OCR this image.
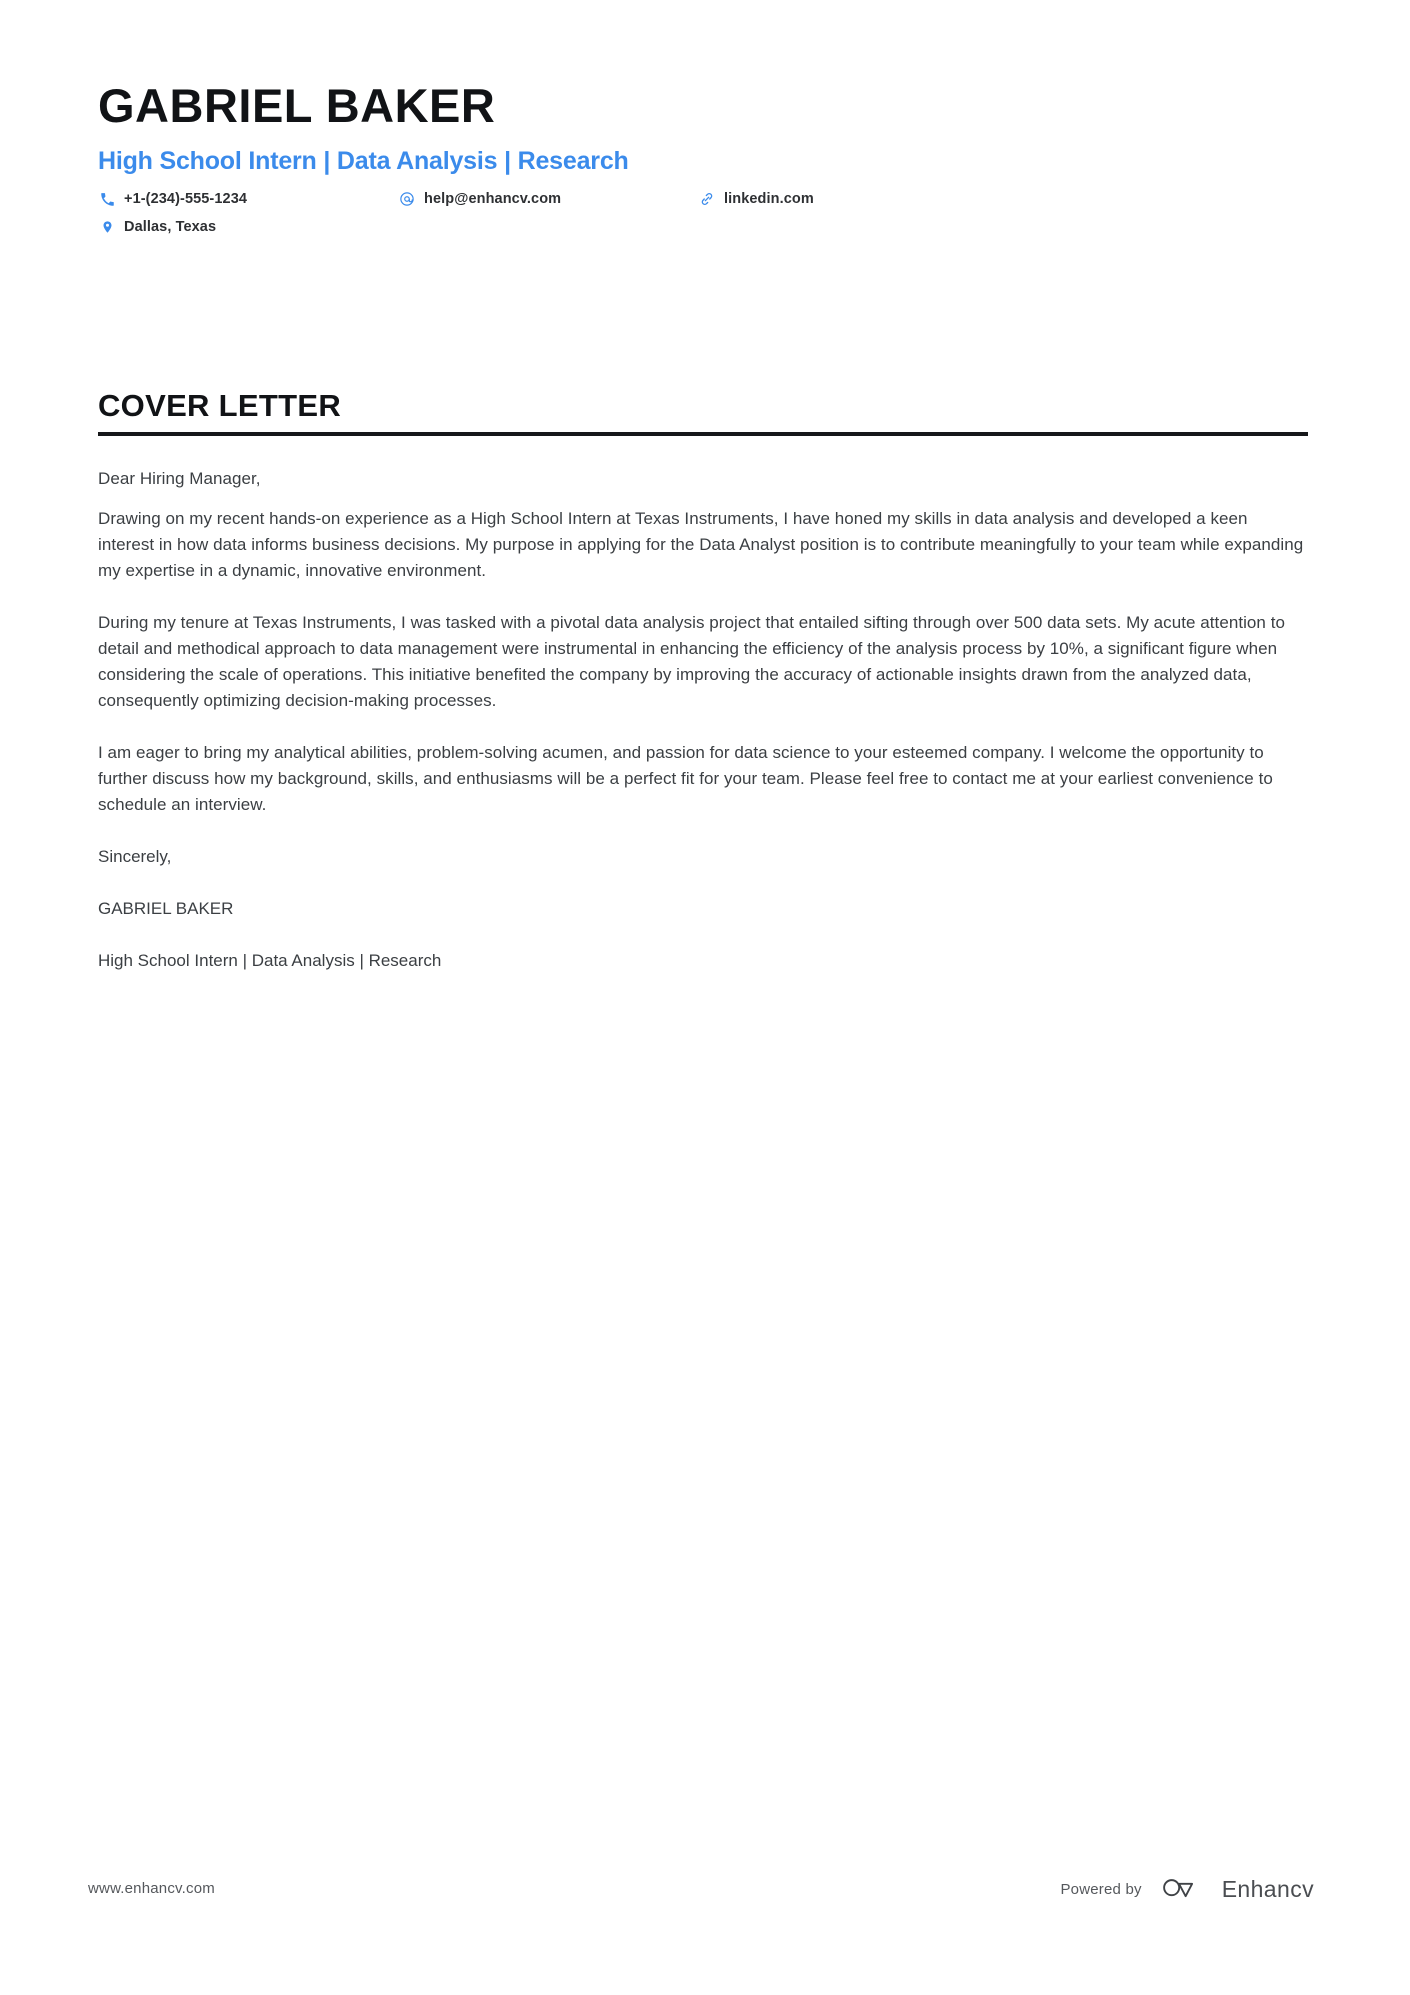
GABRIEL BAKER
High School Intern | Data Analysis | Research
+1-(234)-555-1234	help@enhancv.com	linkedin.com
Dallas, Texas
COVER LETTER

Dear Hiring Manager,

Drawing on my recent hands-on experience as a High School Intern at Texas Instruments, I have honed my skills in data analysis and developed a keen interest in how data informs business decisions. My purpose in applying for the Data Analyst position is to contribute meaningfully to your team while expanding my expertise in a dynamic, innovative environment.

During my tenure at Texas Instruments, I was tasked with a pivotal data analysis project that entailed sifting through over 500 data sets. My acute attention to detail and methodical approach to data management were instrumental in enhancing the efficiency of the analysis process by 10%, a significant figure when considering the scale of operations. This initiative benefited the company by improving the accuracy of actionable insights drawn from the analyzed data, consequently optimizing decision-making processes.

I am eager to bring my analytical abilities, problem-solving acumen, and passion for data science to your esteemed company. I welcome the opportunity to further discuss how my background, skills, and enthusiasms will be a perfect fit for your team. Please feel free to contact me at your earliest convenience to schedule an interview.

Sincerely,

GABRIEL BAKER

High School Intern | Data Analysis | Research

www.enhancv.com	Powered by	Enhancv
